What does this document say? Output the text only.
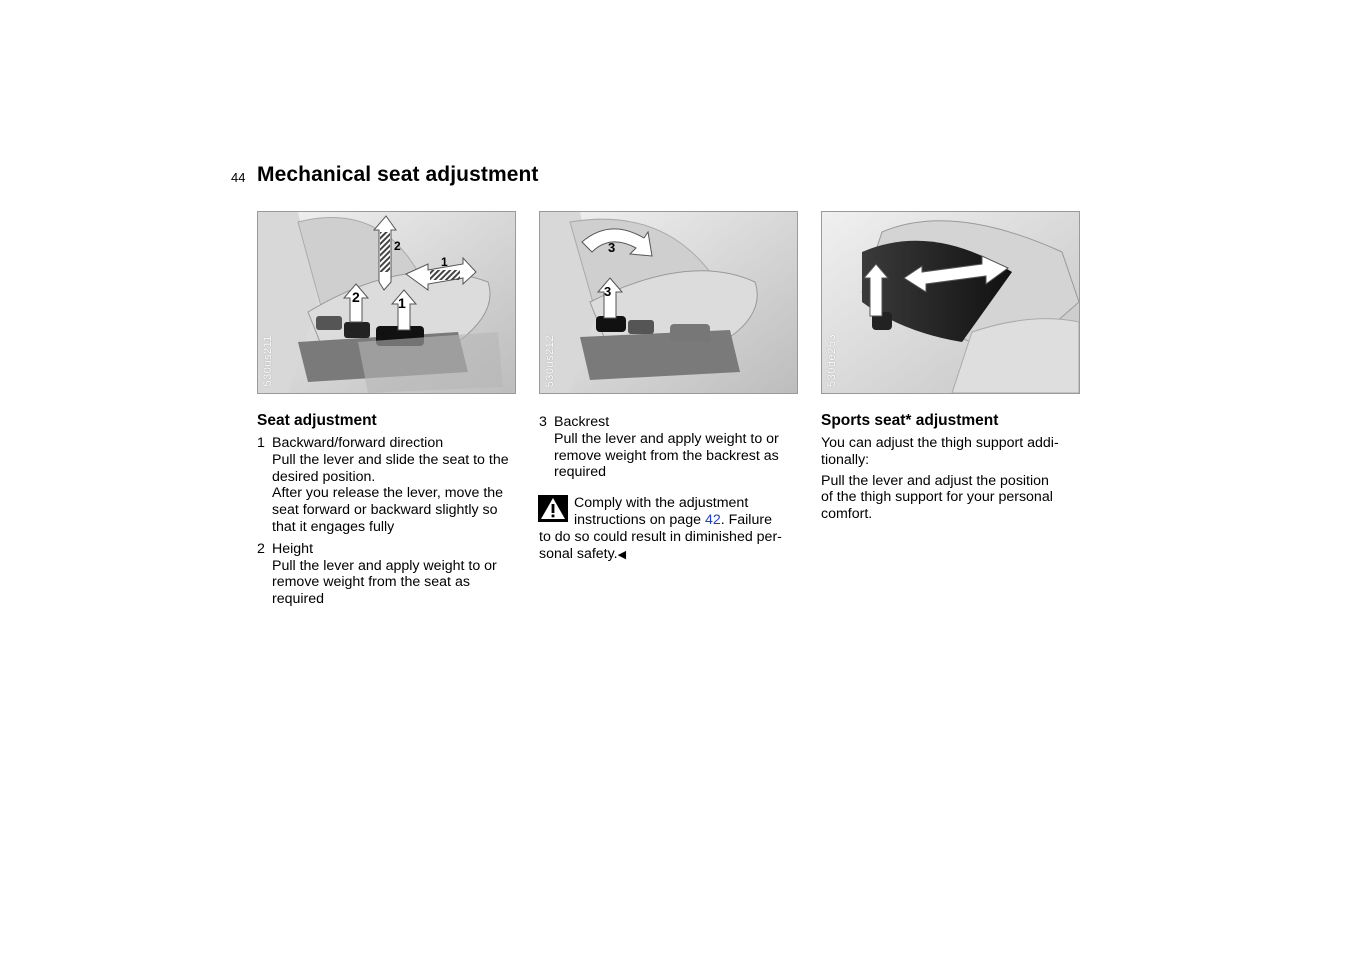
44 Mechanical seat adjustment
2
1
2	1
530us211
3
3
530us212	530de253
Seat adjustment
1 Backward/forward direction
Pull the lever and slide the seat to the
desired position.
After you release the lever, move the
seat forward or backward slightly so
that it engages fully
2 Height
Pull the lever and apply weight to or
remove weight from the seat as
required
3 Backrest
Pull the lever and apply weight to or
remove weight from the backrest as
required
Comply with the adjustment
instructions on page 42. Failure
to do so could result in diminished per-
sonal safety.◀
Sports seat* adjustment

You can adjust the thigh support addi-
tionally:

Pull the lever and adjust the position
of the thigh support for your personal
comfort.
